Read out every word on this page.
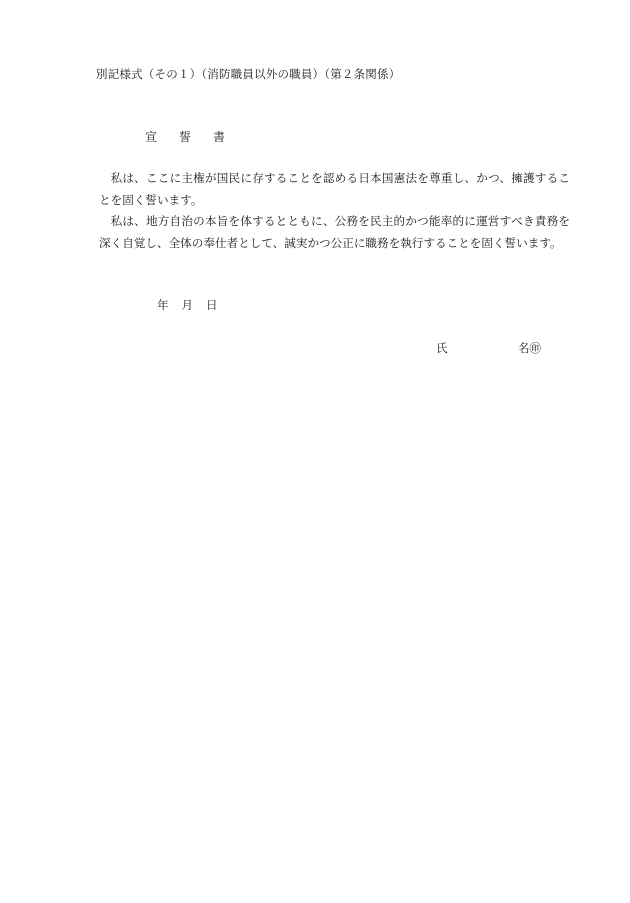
別記様式（その１）（消防職員以外の職員）（第２条関係）
宣 誓 書

私は、ここに主権が国民に存することを認める日本国憲法を尊重し、かつ、擁護することを固く誓います。

私は、地方自治の本旨を体するとともに、公務を民主的かつ能率的に運営すべき責務を深く自覚し、全体の奉仕者として、誠実かつ公正に職務を執行することを固く誓います。

年 月 日
氏	名㊞
